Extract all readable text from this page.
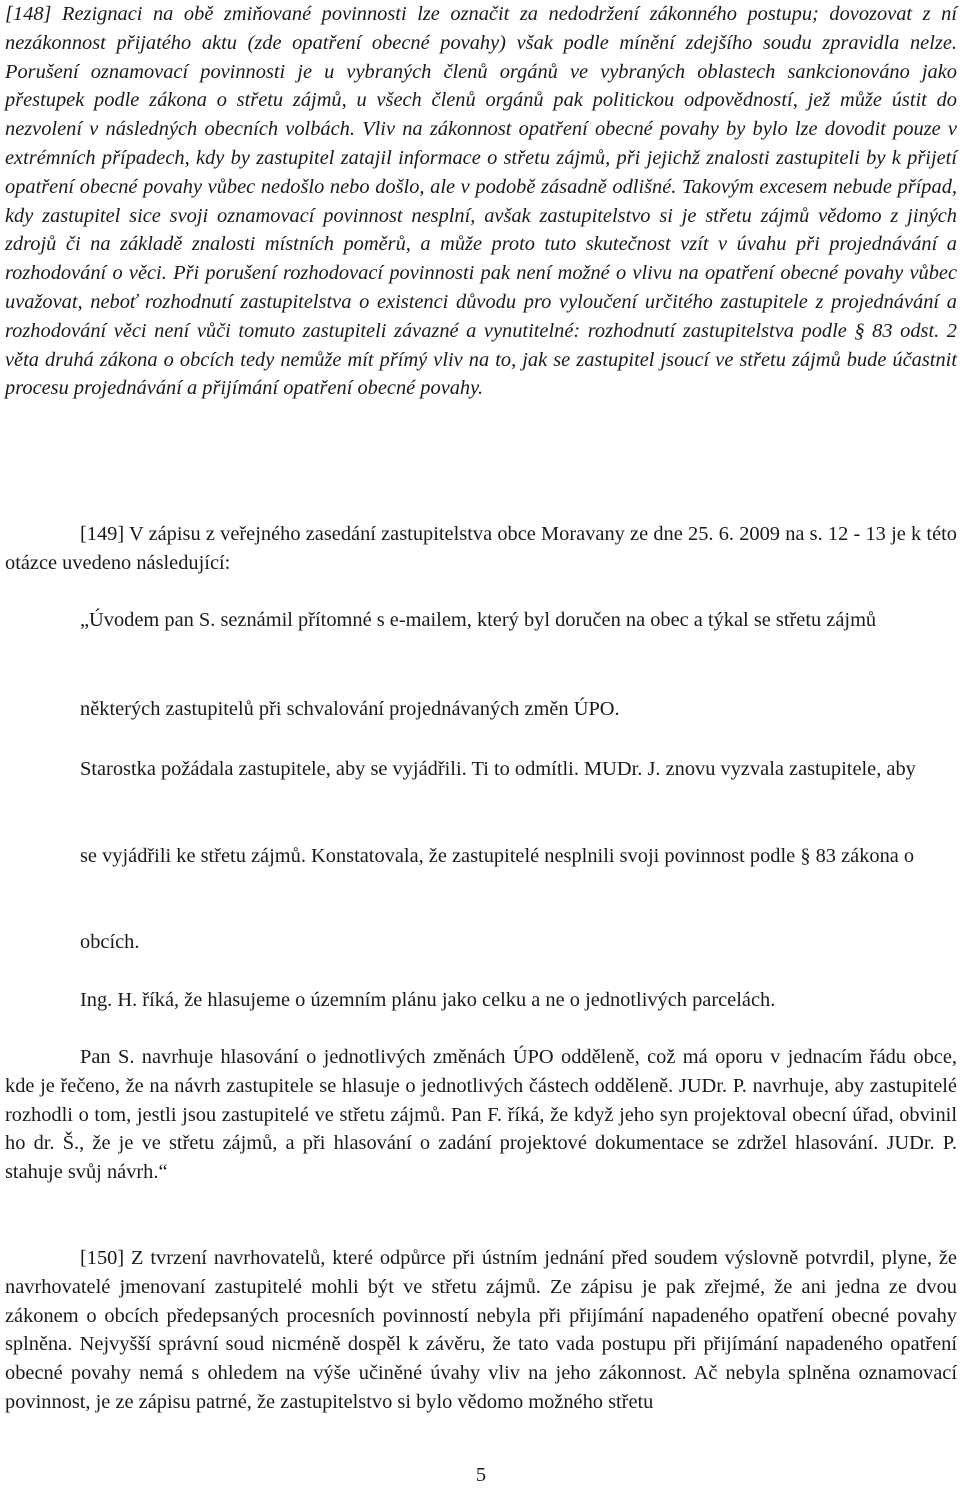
[148] Rezignaci na obě zmiňované povinnosti lze označit za nedodržení zákonného postupu; dovozovat z ní nezákonnost přijatého aktu (zde opatření obecné povahy) však podle mínění zdejšího soudu zpravidla nelze. Porušení oznamovací povinnosti je u vybraných členů orgánů ve vybraných oblastech sankcionováno jako přestupek podle zákona o střetu zájmů, u všech členů orgánů pak politickou odpovědností, jež může ústit do nezvolení v následných obecních volbách. Vliv na zákonnost opatření obecné povahy by bylo lze dovodit pouze v extrémních případech, kdy by zastupitel zatajil informace o střetu zájmů, při jejichž znalosti zastupiteli by k přijetí opatření obecné povahy vůbec nedošlo nebo došlo, ale v podobě zásadně odlišné. Takovým excesem nebude případ, kdy zastupitel sice svoji oznamovací povinnost nesplní, avšak zastupitelstvo si je střetu zájmů vědomo z jiných zdrojů či na základě znalosti místních poměrů, a může proto tuto skutečnost vzít v úvahu při projednávání a rozhodování o věci. Při porušení rozhodovací povinnosti pak není možné o vlivu na opatření obecné povahy vůbec uvažovat, neboť rozhodnutí zastupitelstva o existenci důvodu pro vyloučení určitého zastupitele z projednávání a rozhodování věci není vůči tomuto zastupiteli závazné a vynutitelné: rozhodnutí zastupitelstva podle § 83 odst. 2 věta druhá zákona o obcích tedy nemůže mít přímý vliv na to, jak se zastupitel jsoucí ve střetu zájmů bude účastnit procesu projednávání a přijímání opatření obecné povahy.

[149] V zápisu z veřejného zasedání zastupitelstva obce Moravany ze dne 25. 6. 2009 na s. 12 - 13 je k této otázce uvedeno následující:

„Úvodem pan S. seznámil přítomné s e-mailem, který byl doručen na obec a týkal se střetu zájmů

některých zastupitelů při schvalování projednávaných změn ÚPO.

Starostka požádala zastupitele, aby se vyjádřili. Ti to odmítli. MUDr. J. znovu vyzvala zastupitele, aby

se vyjádřili ke střetu zájmů. Konstatovala, že zastupitelé nesplnili svoji povinnost podle § 83 zákona o

obcích.

Ing. H. říká, že hlasujeme o územním plánu jako celku a ne o jednotlivých parcelách.

Pan S. navrhuje hlasování o jednotlivých změnách ÚPO odděleně, což má oporu v jednacím řádu obce, kde je řečeno, že na návrh zastupitele se hlasuje o jednotlivých částech odděleně. JUDr. P. navrhuje, aby zastupitelé rozhodli o tom, jestli jsou zastupitelé ve střetu zájmů. Pan F. říká, že když jeho syn projektoval obecní úřad, obvinil ho dr. Š., že je ve střetu zájmů, a při hlasování o zadání projektové dokumentace se zdržel hlasování. JUDr. P. stahuje svůj návrh.“

[150] Z tvrzení navrhovatelů, které odpůrce při ústním jednání před soudem výslovně potvrdil, plyne, že navrhovatelé jmenovaní zastupitelé mohli být ve střetu zájmů. Ze zápisu je pak zřejmé, že ani jedna ze dvou zákonem o obcích předepsaných procesních povinností nebyla při přijímání napadeného opatření obecné povahy splněna. Nejvyšší správní soud nicméně dospěl k závěru, že tato vada postupu při přijímání napadeného opatření obecné povahy nemá s ohledem na výše učiněné úvahy vliv na jeho zákonnost. Ač nebyla splněna oznamovací povinnost, je ze zápisu patrné, že zastupitelstvo si bylo vědomo možného střetu

5
